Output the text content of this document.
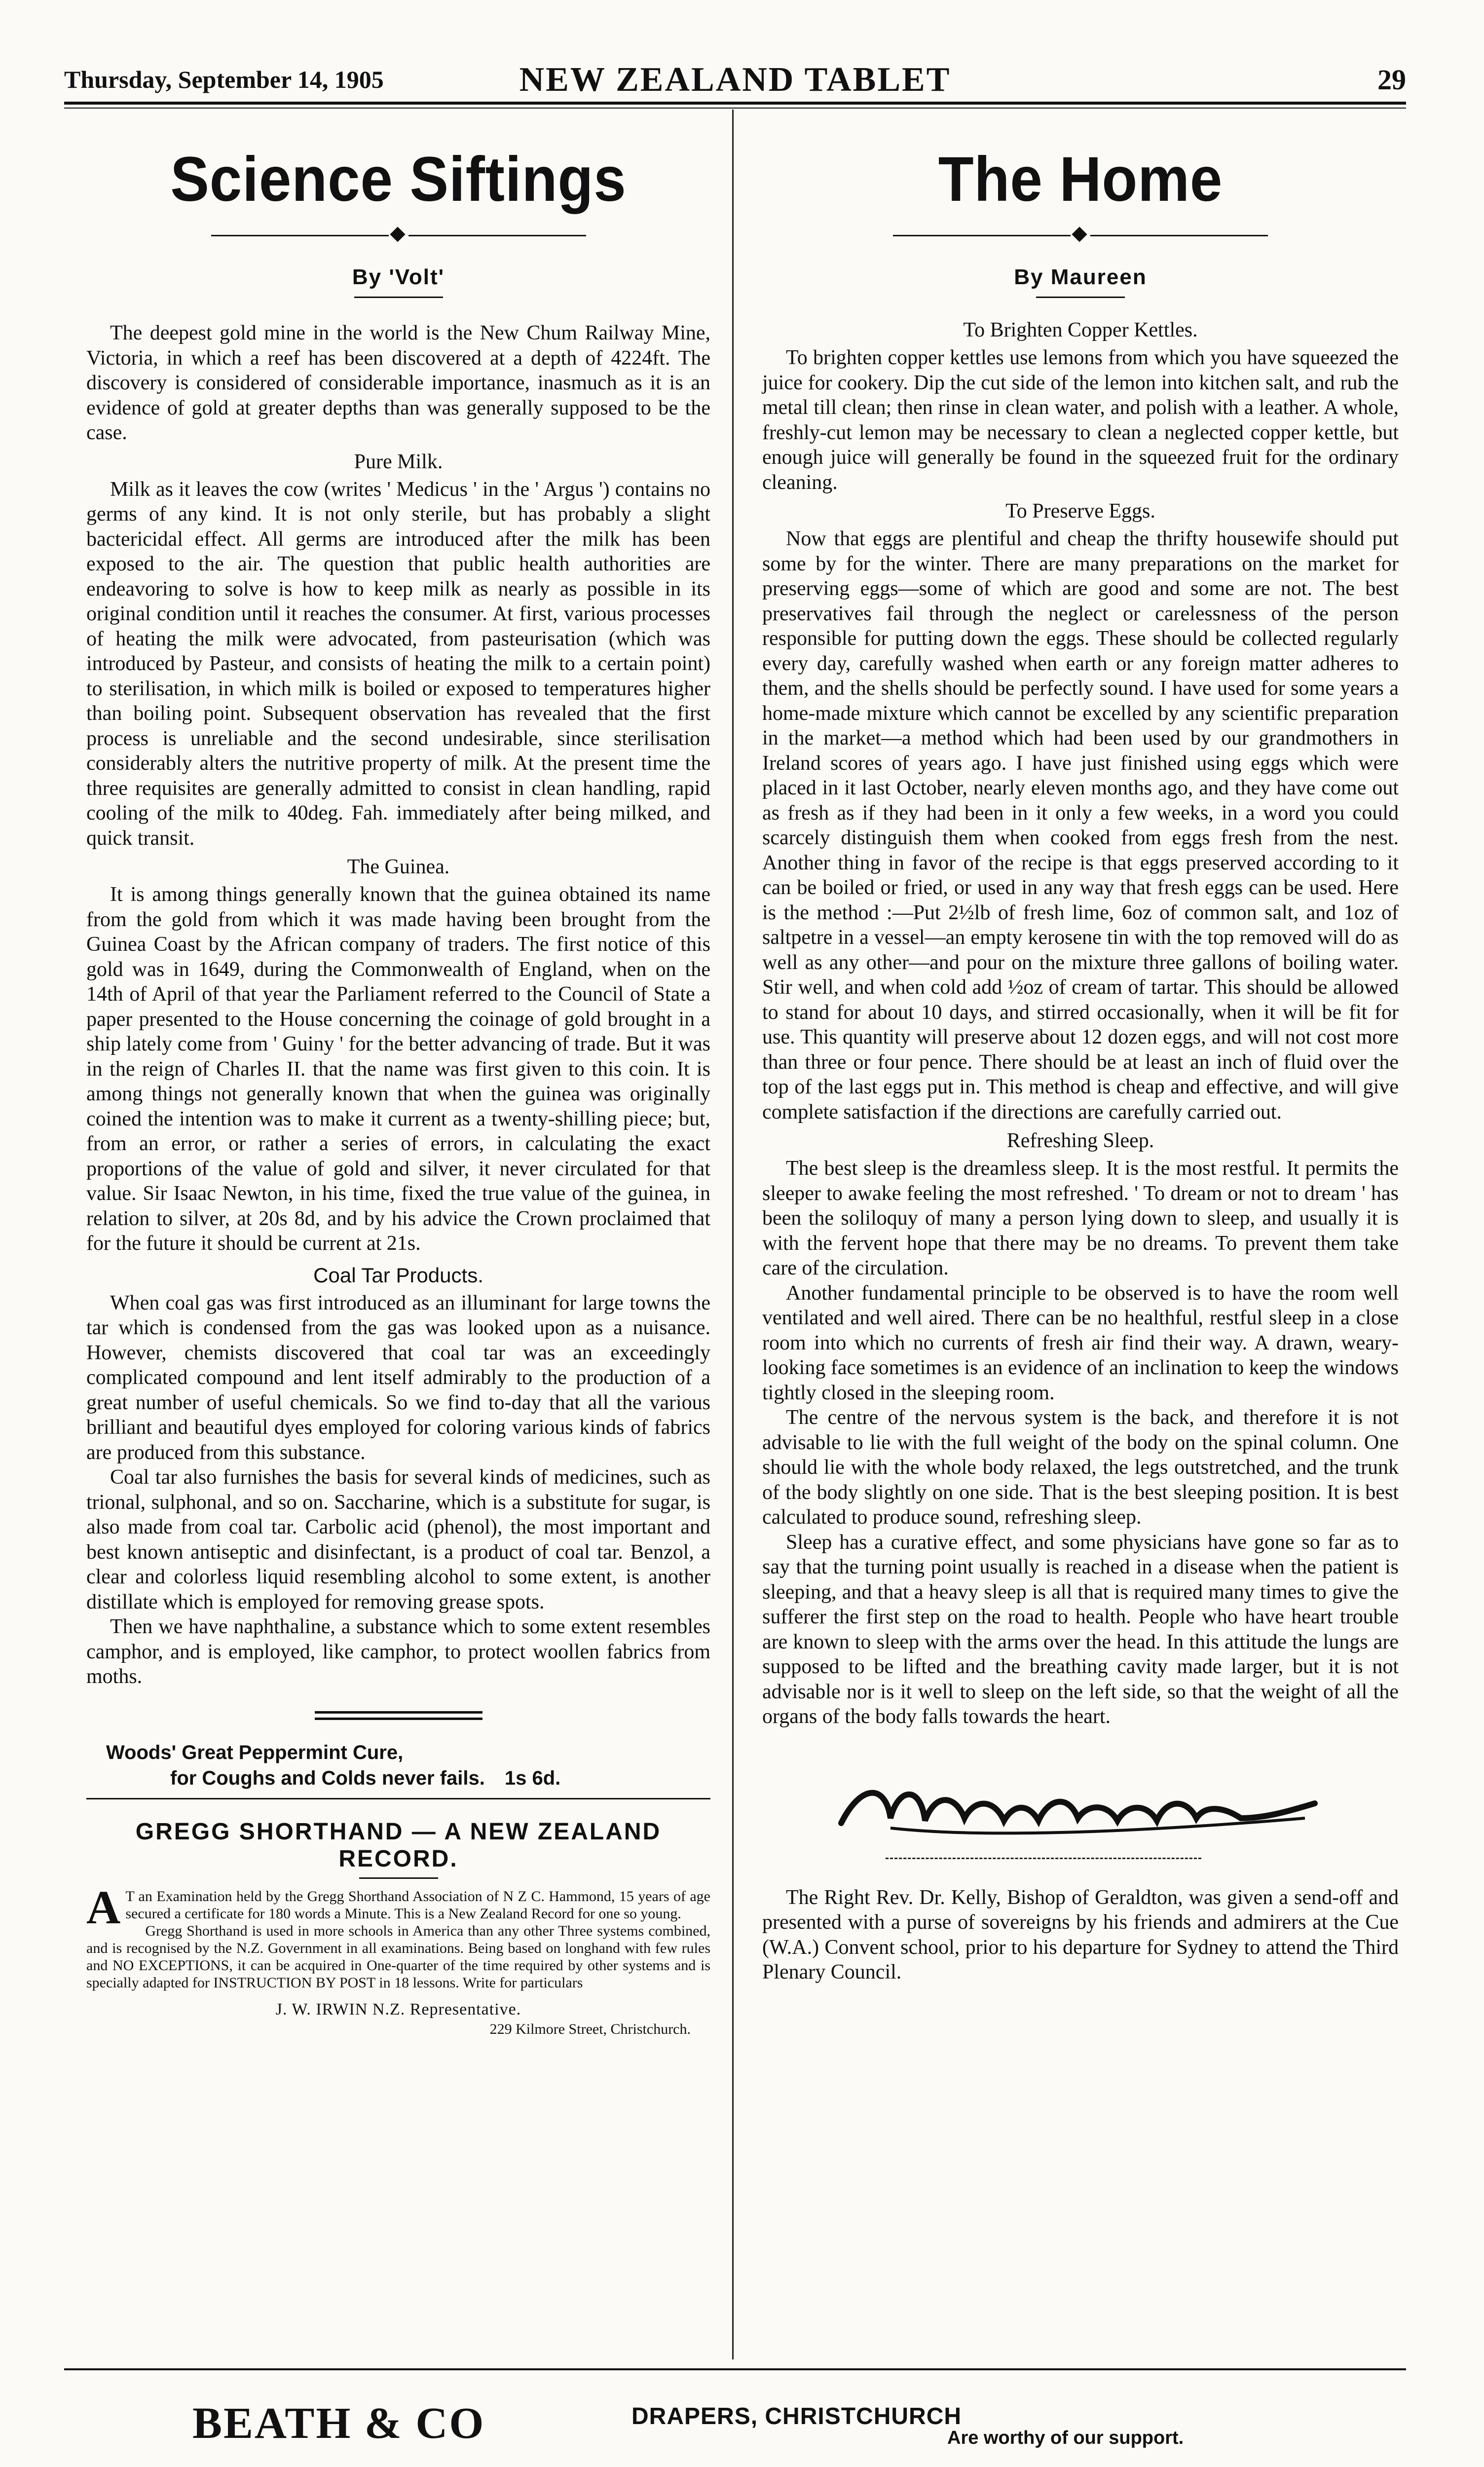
Thursday, September 14, 1905	NEW ZEALAND TABLET	29
Science Siftings
By 'Volt'

The deepest gold mine in the world is the New Chum Railway Mine, Victoria, in which a reef has been discovered at a depth of 4224ft. The discovery is considered of considerable importance, inasmuch as it is an evidence of gold at greater depths than was generally supposed to be the case.

Pure Milk.

Milk as it leaves the cow (writes ' Medicus ' in the ' Argus ') contains no germs of any kind. It is not only sterile, but has probably a slight bactericidal effect. All germs are introduced after the milk has been exposed to the air. The question that public health authorities are endeavoring to solve is how to keep milk as nearly as possible in its original condition until it reaches the consumer. At first, various processes of heating the milk were advocated, from pasteurisation (which was introduced by Pasteur, and consists of heating the milk to a certain point) to sterilisation, in which milk is boiled or exposed to temperatures higher than boiling point. Subsequent observation has revealed that the first process is unreliable and the second undesirable, since sterilisation considerably alters the nutritive property of milk. At the present time the three requisites are generally admitted to consist in clean handling, rapid cooling of the milk to 40deg. Fah. immediately after being milked, and quick transit.

The Guinea.

It is among things generally known that the guinea obtained its name from the gold from which it was made having been brought from the Guinea Coast by the African company of traders. The first notice of this gold was in 1649, during the Commonwealth of England, when on the 14th of April of that year the Parliament referred to the Council of State a paper presented to the House concerning the coinage of gold brought in a ship lately come from ' Guiny ' for the better advancing of trade. But it was in the reign of Charles II. that the name was first given to this coin. It is among things not generally known that when the guinea was originally coined the intention was to make it current as a twenty-shilling piece; but, from an error, or rather a series of errors, in calculating the exact proportions of the value of gold and silver, it never circulated for that value. Sir Isaac Newton, in his time, fixed the true value of the guinea, in relation to silver, at 20s 8d, and by his advice the Crown proclaimed that for the future it should be current at 21s.

Coal Tar Products.

When coal gas was first introduced as an illuminant for large towns the tar which is condensed from the gas was looked upon as a nuisance. However, chemists discovered that coal tar was an exceedingly complicated compound and lent itself admirably to the production of a great number of useful chemicals. So we find to-day that all the various brilliant and beautiful dyes employed for coloring various kinds of fabrics are produced from this substance.

Coal tar also furnishes the basis for several kinds of medicines, such as trional, sulphonal, and so on. Saccharine, which is a substitute for sugar, is also made from coal tar. Carbolic acid (phenol), the most important and best known antiseptic and disinfectant, is a product of coal tar. Benzol, a clear and colorless liquid resembling alcohol to some extent, is another distillate which is employed for removing grease spots.

Then we have naphthaline, a substance which to some extent resembles camphor, and is employed, like camphor, to protect woollen fabrics from moths.

Woods' Great Peppermint Cure,
for Coughs and Colds never fails. 1s 6d.
GREGG SHORTHAND — A NEW ZEALAND RECORD.
A T an Examination held by the Gregg Shorthand Association of N Z C. Hammond, 15 years of age secured a certificate for 180 words a Minute. This is a New Zealand Record for one so young.
Gregg Shorthand is used in more schools in America than any other Three systems combined, and is recognised by the N.Z. Government in all examinations. Being based on longhand with few rules and NO EXCEPTIONS, it can be acquired in One-quarter of the time required by other systems and is specially adapted for INSTRUCTION BY POST in 18 lessons. Write for particulars
J. W. IRWIN N.Z. Representative.
229 Kilmore Street, Christchurch.
The Home
By Maureen
To Brighten Copper Kettles.

To brighten copper kettles use lemons from which you have squeezed the juice for cookery. Dip the cut side of the lemon into kitchen salt, and rub the metal till clean; then rinse in clean water, and polish with a leather. A whole, freshly-cut lemon may be necessary to clean a neglected copper kettle, but enough juice will generally be found in the squeezed fruit for the ordinary cleaning.

To Preserve Eggs.

Now that eggs are plentiful and cheap the thrifty housewife should put some by for the winter. There are many preparations on the market for preserving eggs—some of which are good and some are not. The best preservatives fail through the neglect or carelessness of the person responsible for putting down the eggs. These should be collected regularly every day, carefully washed when earth or any foreign matter adheres to them, and the shells should be perfectly sound. I have used for some years a home-made mixture which cannot be excelled by any scientific preparation in the market—a method which had been used by our grandmothers in Ireland scores of years ago. I have just finished using eggs which were placed in it last October, nearly eleven months ago, and they have come out as fresh as if they had been in it only a few weeks, in a word you could scarcely distinguish them when cooked from eggs fresh from the nest. Another thing in favor of the recipe is that eggs preserved according to it can be boiled or fried, or used in any way that fresh eggs can be used. Here is the method :—Put 2½lb of fresh lime, 6oz of common salt, and 1oz of saltpetre in a vessel—an empty kerosene tin with the top removed will do as well as any other—and pour on the mixture three gallons of boiling water. Stir well, and when cold add ½oz of cream of tartar. This should be allowed to stand for about 10 days, and stirred occasionally, when it will be fit for use. This quantity will preserve about 12 dozen eggs, and will not cost more than three or four pence. There should be at least an inch of fluid over the top of the last eggs put in. This method is cheap and effective, and will give complete satisfaction if the directions are carefully carried out.

Refreshing Sleep.

The best sleep is the dreamless sleep. It is the most restful. It permits the sleeper to awake feeling the most refreshed. ' To dream or not to dream ' has been the soliloquy of many a person lying down to sleep, and usually it is with the fervent hope that there may be no dreams. To prevent them take care of the circulation.

Another fundamental principle to be observed is to have the room well ventilated and well aired. There can be no healthful, restful sleep in a close room into which no currents of fresh air find their way. A drawn, weary-looking face sometimes is an evidence of an inclination to keep the windows tightly closed in the sleeping room.

The centre of the nervous system is the back, and therefore it is not advisable to lie with the full weight of the body on the spinal column. One should lie with the whole body relaxed, the legs outstretched, and the trunk of the body slightly on one side. That is the best sleeping position. It is best calculated to produce sound, refreshing sleep.

Sleep has a curative effect, and some physicians have gone so far as to say that the turning point usually is reached in a disease when the patient is sleeping, and that a heavy sleep is all that is required many times to give the sufferer the first step on the road to health. People who have heart trouble are known to sleep with the arms over the head. In this attitude the lungs are supposed to be lifted and the breathing cavity made larger, but it is not advisable nor is it well to sleep on the left side, so that the weight of all the organs of the body falls towards the heart.

The Right Rev. Dr. Kelly, Bishop of Geraldton, was given a send-off and presented with a purse of sovereigns by his friends and admirers at the Cue (W.A.) Convent school, prior to his departure for Sydney to attend the Third Plenary Council.

BEATH & CO	DRAPERS, CHRISTCHURCH
Are worthy of our support.
